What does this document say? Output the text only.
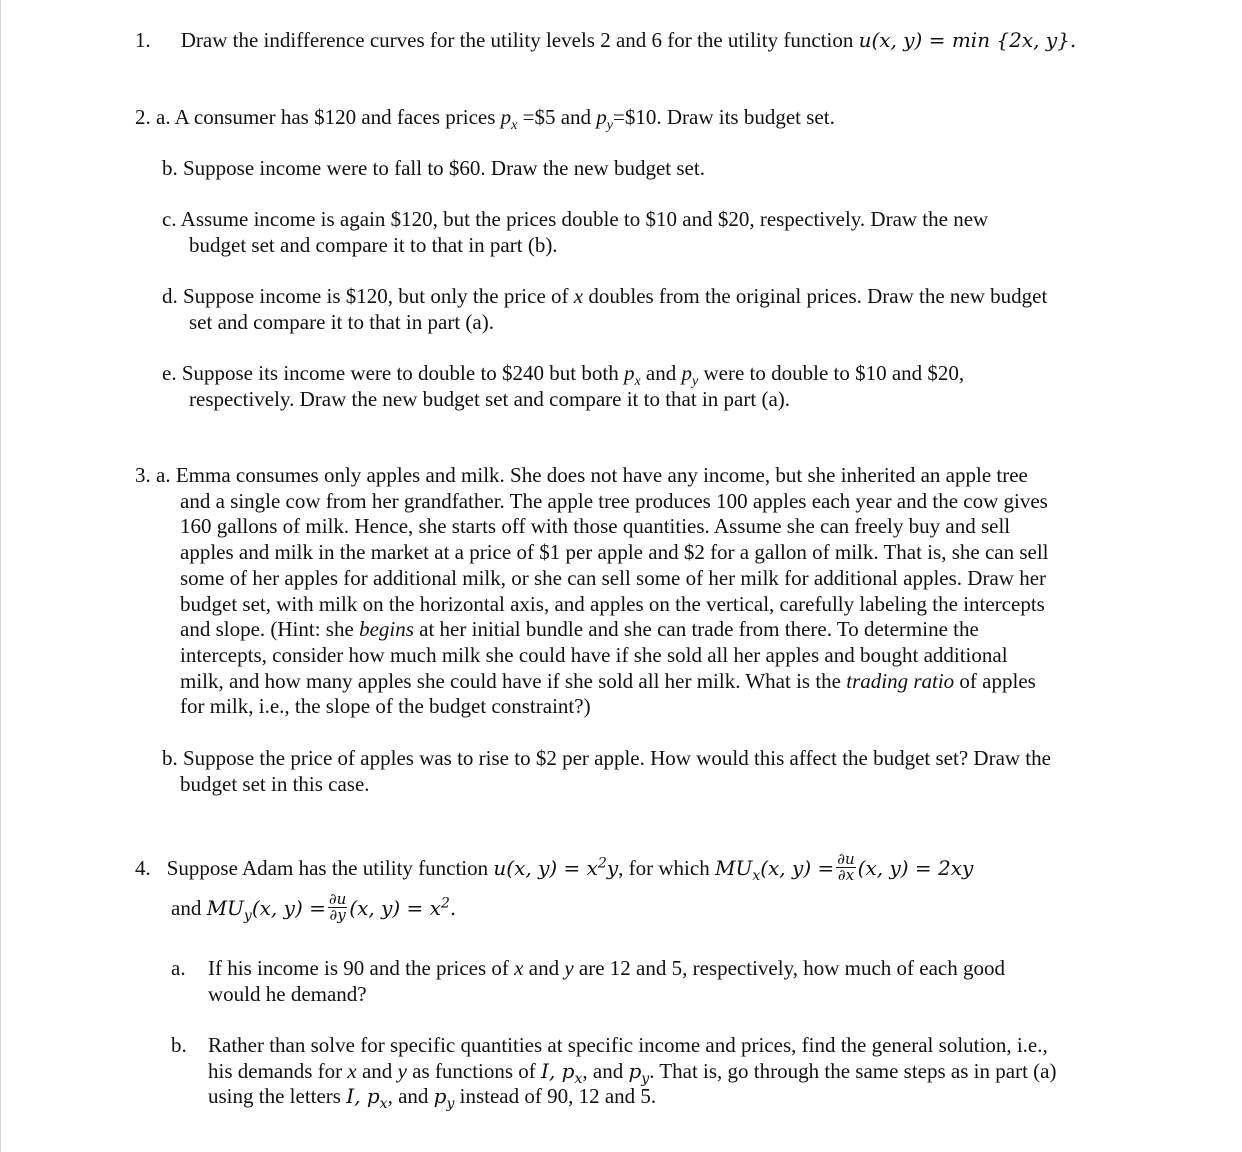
1. Draw the indifference curves for the utility levels 2 and 6 for the utility function u(x, y) = min {2x, y}.
2. a. A consumer has $120 and faces prices $p_x$ =$5 and $p_y=\$10$. Draw its budget set.
b. Suppose income were to fall to $60. Draw the new budget set.
c. Assume income is again $120, but the prices double to $10 and $20, respectively. Draw the new
budget set and compare it to that in part (b).
d. Suppose income is $120, but only the price of x doubles from the original prices. Draw the new budget
set and compare it to that in part (a).
e. Suppose its income were to double to $240 but both $p_x$ and $p_y$ were to double to $10 and $20,
respectively. Draw the new budget set and compare it to that in part (a).
3. a. Emma consumes only apples and milk. She does not have any income, but she inherited an apple tree
and a single cow from her grandfather. The apple tree produces 100 apples each year and the cow gives
160 gallons of milk. Hence, she starts off with those quantities. Assume she can freely buy and sell
apples and milk in the market at a price of $1 per apple and $2 for a gallon of milk. That is, she can sell
some of her apples for additional milk, or she can sell some of her milk for additional apples. Draw her
budget set, with milk on the horizontal axis, and apples on the vertical, carefully labeling the intercepts
and slope. (Hint: she begins at her initial bundle and she can trade from there. To determine the
intercepts, consider how much milk she could have if she sold all her apples and bought additional
milk, and how many apples she could have if she sold all her milk. What is the trading ratio of apples
for milk, i.e., the slope of the budget constraint?)
b. Suppose the price of apples was to rise to $2 per apple. How would this affect the budget set? Draw the
budget set in this case.
4. Suppose Adam has the utility function u(x, $y) = x^2y$, for which $MU_x(x$, $y) = \frac{\partial u}{\partial x} (x$, y) = 2xy
and $MU_y(x$, $y) = \frac{\partial u}{\partial y} (x$, $y) = x^2$.
a. If his income is 90 and the prices of x and y are 12 and 5, respectively, how much of each good
would he demand?
b. Rather than solve for specific quantities at specific income and prices, find the general solution, i.e.,
his demands for x and y as functions of I, $p_x$, and $p_y$. That is, go through the same steps as in part (a)
using the letters I, $p_x$, and $p_y$ instead of 90, 12 and 5.
